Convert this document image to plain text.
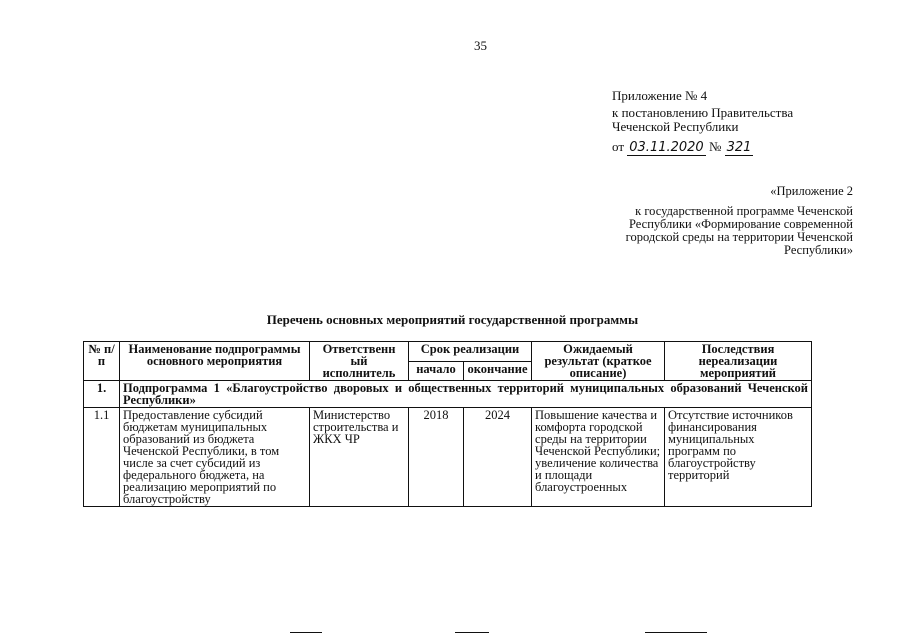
35
Приложение № 4
к постановлению Правительства
Чеченской Республики
от 03.11.2020 № 321
«Приложение 2
к государственной программе Чеченской Республики «Формирование современной городской среды на территории Чеченской Республики»
Перечень основных мероприятий государственной программы
№ п/п	Наименование подпрограммы основного мероприятия	Ответственн ый исполнитель	Срок реализации		Ожидаемый результат (краткое описание)	Последствия нереализации мероприятий
			начало	окончание		
1.	Подпрограмма 1 «Благоустройство дворовых и общественных территорий муниципальных образований Чеченской Республики»					
1.1	Предоставление субсидий бюджетам муниципальных образований из бюджета Чеченской Республики, в том числе за счет субсидий из федерального бюджета, на реализацию мероприятий по благоустройству	Министерство строительства и ЖКХ ЧР	2018	2024	Повышение качества и комфорта городской среды на территории Чеченской Республики; увеличение количества и площади благоустроенных	Отсутствие источников финансирования муниципальных программ по благоустройству территорий
